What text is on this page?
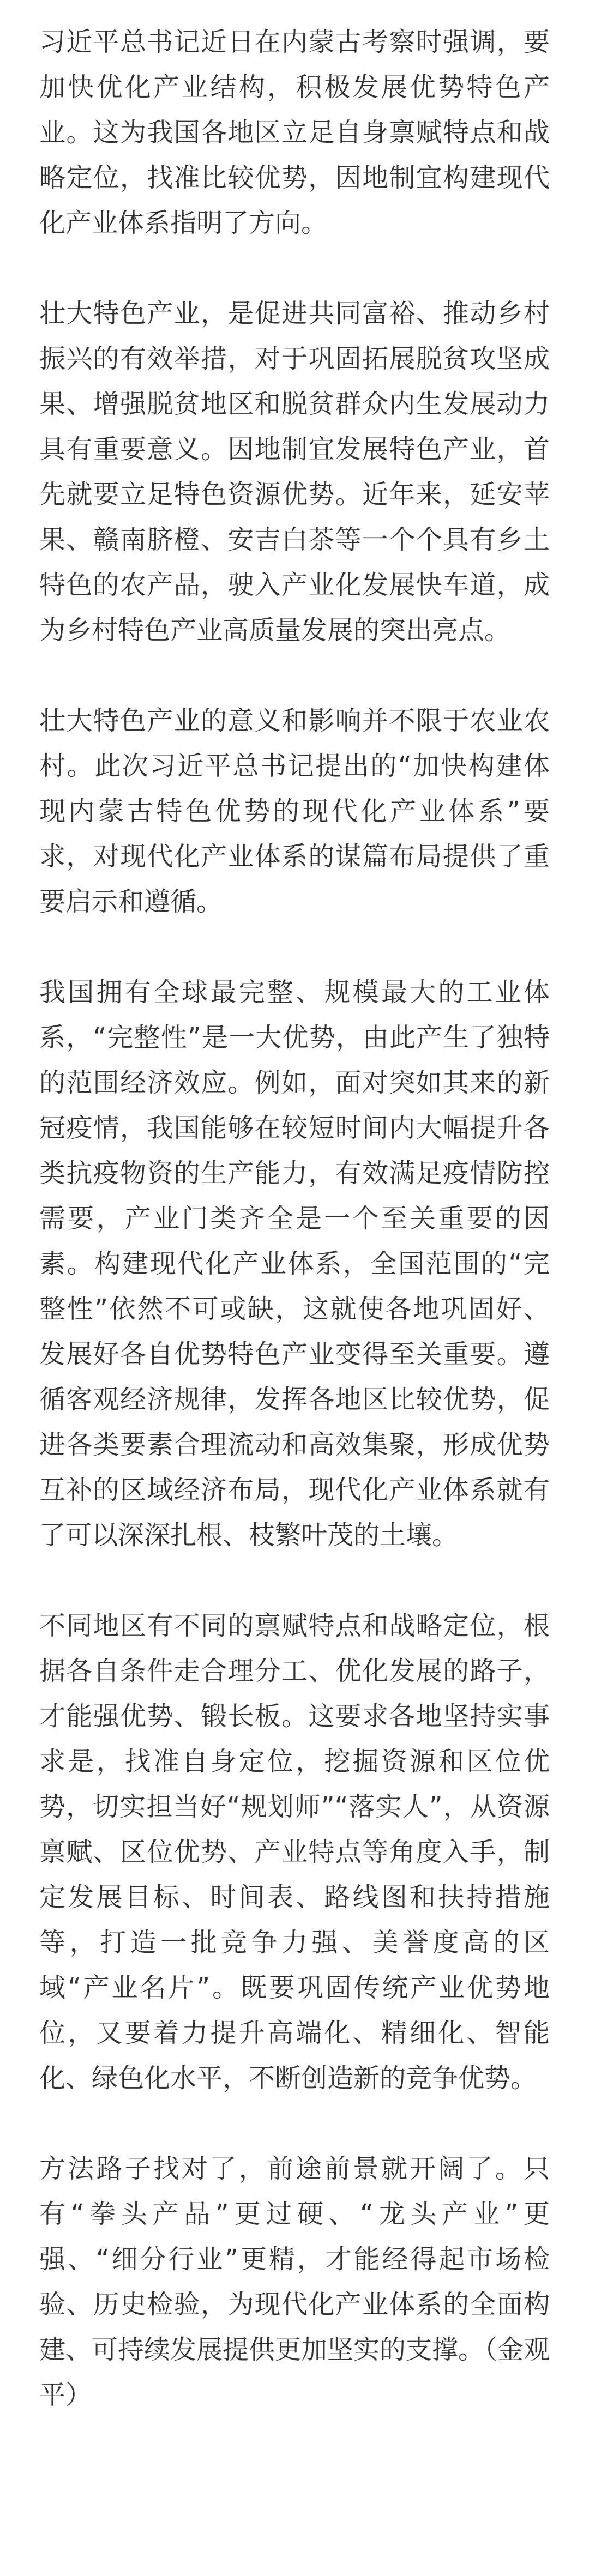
习近平总书记近日在内蒙古考察时强调，要加快优化产业结构，积极发展优势特色产业。这为我国各地区立足自身禀赋特点和战略定位，找准比较优势，因地制宜构建现代化产业体系指明了方向。

壮大特色产业，是促进共同富裕、推动乡村振兴的有效举措，对于巩固拓展脱贫攻坚成果、增强脱贫地区和脱贫群众内生发展动力具有重要意义。因地制宜发展特色产业，首先就要立足特色资源优势。近年来，延安苹果、赣南脐橙、安吉白茶等一个个具有乡土特色的农产品，驶入产业化发展快车道，成为乡村特色产业高质量发展的突出亮点。

壮大特色产业的意义和影响并不限于农业农村。此次习近平总书记提出的“加快构建体现内蒙古特色优势的现代化产业体系”要求，对现代化产业体系的谋篇布局提供了重要启示和遵循。

我国拥有全球最完整、规模最大的工业体系，“完整性”是一大优势，由此产生了独特的范围经济效应。例如，面对突如其来的新冠疫情，我国能够在较短时间内大幅提升各类抗疫物资的生产能力，有效满足疫情防控需要，产业门类齐全是一个至关重要的因素。构建现代化产业体系，全国范围的“完整性”依然不可或缺，这就使各地巩固好、发展好各自优势特色产业变得至关重要。遵循客观经济规律，发挥各地区比较优势，促进各类要素合理流动和高效集聚，形成优势互补的区域经济布局，现代化产业体系就有了可以深深扎根、枝繁叶茂的土壤。

不同地区有不同的禀赋特点和战略定位，根据各自条件走合理分工、优化发展的路子，才能强优势、锻长板。这要求各地坚持实事求是，找准自身定位，挖掘资源和区位优势，切实担当好“规划师”“落实人”，从资源禀赋、区位优势、产业特点等角度入手，制定发展目标、时间表、路线图和扶持措施等，打造一批竞争力强、美誉度高的区域“产业名片”。既要巩固传统产业优势地位，又要着力提升高端化、精细化、智能化、绿色化水平，不断创造新的竞争优势。

方法路子找对了，前途前景就开阔了。只有“拳头产品”更过硬、“龙头产业”更强、“细分行业”更精，才能经得起市场检验、历史检验，为现代化产业体系的全面构建、可持续发展提供更加坚实的支撑。（金观平）
